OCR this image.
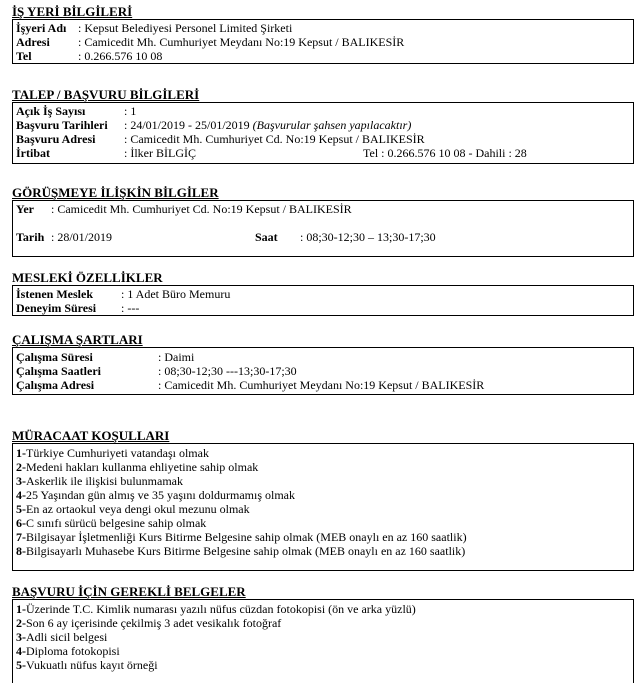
İŞ YERİ BİLGİLERİ
İşyeri Adı : Kepsut Belediyesi Personel Limited Şirketi
Adresi : Camicedit Mh. Cumhuriyet Meydanı No:19 Kepsut / BALIKESİR
Tel	: 0.266.576 10 08
TALEP / BAŞVURU BİLGİLERİ
Açık İş Sayısı	: 1
Başvuru Tarihleri : 24/01/2019 - 25/01/2019 (Başvurular şahsen yapılacaktır)
Başvuru Adresi : Camicedit Mh. Cumhuriyet Cd. No:19 Kepsut / BALIKESİR
İrtibat	: İlker BİLGİÇ	Tel : 0.266.576 10 08 - Dahili : 28
GÖRÜŞMEYE İLİŞKİN BİLGİLER
Yer : Camicedit Mh. Cumhuriyet Cd. No:19 Kepsut / BALIKESİR
Tarih : 28/01/2019	Saat : 08;30-12;30 – 13;30-17;30
MESLEKİ ÖZELLİKLER
İstenen Meslek : 1 Adet Büro Memuru
Deneyim Süresi : ---
ÇALIŞMA ŞARTLARI
Çalışma Süresi	: Daimi
Çalışma Saatleri	: 08;30-12;30 ---13;30-17;30
Çalışma Adresi	: Camicedit Mh. Cumhuriyet Meydanı No:19 Kepsut / BALIKESİR
MÜRACAAT KOŞULLARI
1-Türkiye Cumhuriyeti vatandaşı olmak
2-Medeni hakları kullanma ehliyetine sahip olmak
3-Askerlik ile ilişkisi bulunmamak
4-25 Yaşından gün almış ve 35 yaşını doldurmamış olmak
5-En az ortaokul veya dengi okul mezunu olmak
6-C sınıfı sürücü belgesine sahip olmak
7-Bilgisayar İşletmenliği Kurs Bitirme Belgesine sahip olmak (MEB onaylı en az 160 saatlik)
8-Bilgisayarlı Muhasebe Kurs Bitirme Belgesine sahip olmak (MEB onaylı en az 160 saatlik)
BAŞVURU İÇİN GEREKLİ BELGELER
1-Üzerinde T.C. Kimlik numarası yazılı nüfus cüzdan fotokopisi (ön ve arka yüzlü)
2-Son 6 ay içerisinde çekilmiş 3 adet vesikalık fotoğraf
3-Adli sicil belgesi
4-Diploma fotokopisi
5-Vukuatlı nüfus kayıt örneği
